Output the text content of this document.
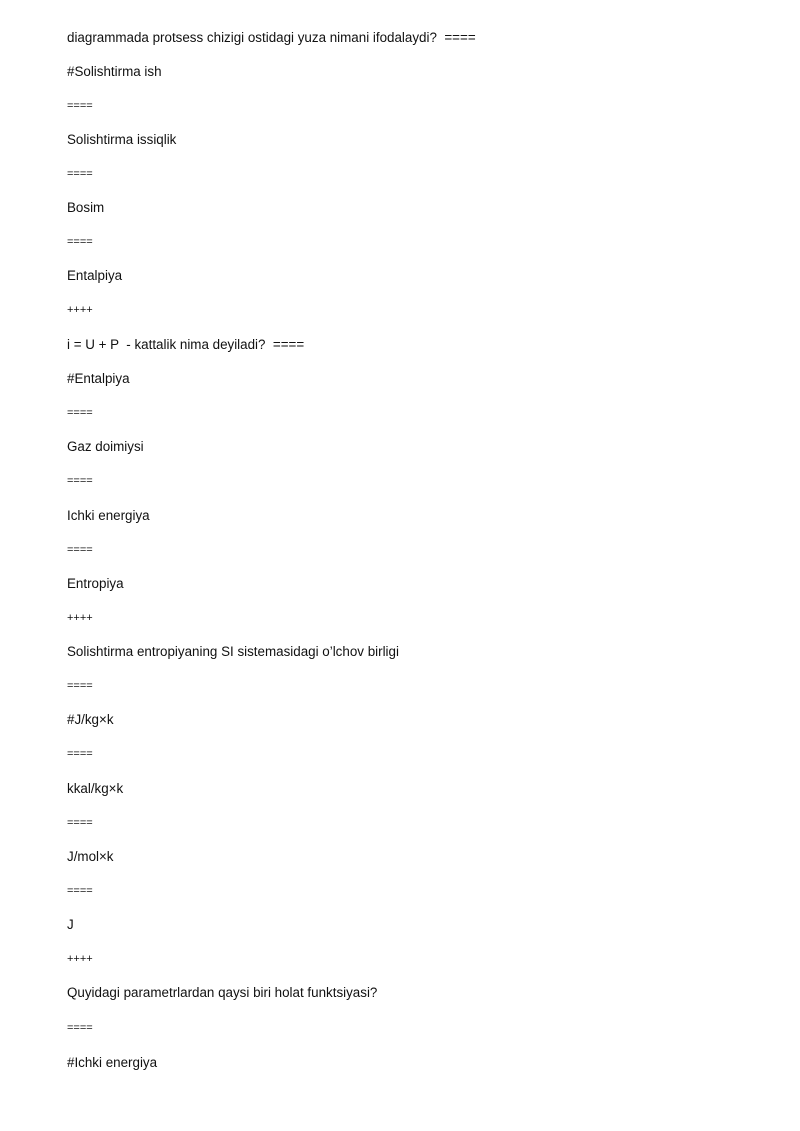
diagrammada protsess chizigi ostidagi yuza nimani ifodalaydi?  ====
#Solishtirma ish
====
Solishtirma issiqlik
====
Bosim
====
Entalpiya
++++
i = U + P  - kattalik nima deyiladi?  ====
#Entalpiya
====
Gaz doimiysi
====
Ichki energiya
====
Entropiya
++++
Solishtirma entropiyaning SI sistemasidagi o’lchov birligi
====
#J/kg×k
====
kkal/kg×k
====
J/mol×k
====
J
++++
Quyidagi parametrlardan qaysi biri holat funktsiyasi?
====
#Ichki energiya
